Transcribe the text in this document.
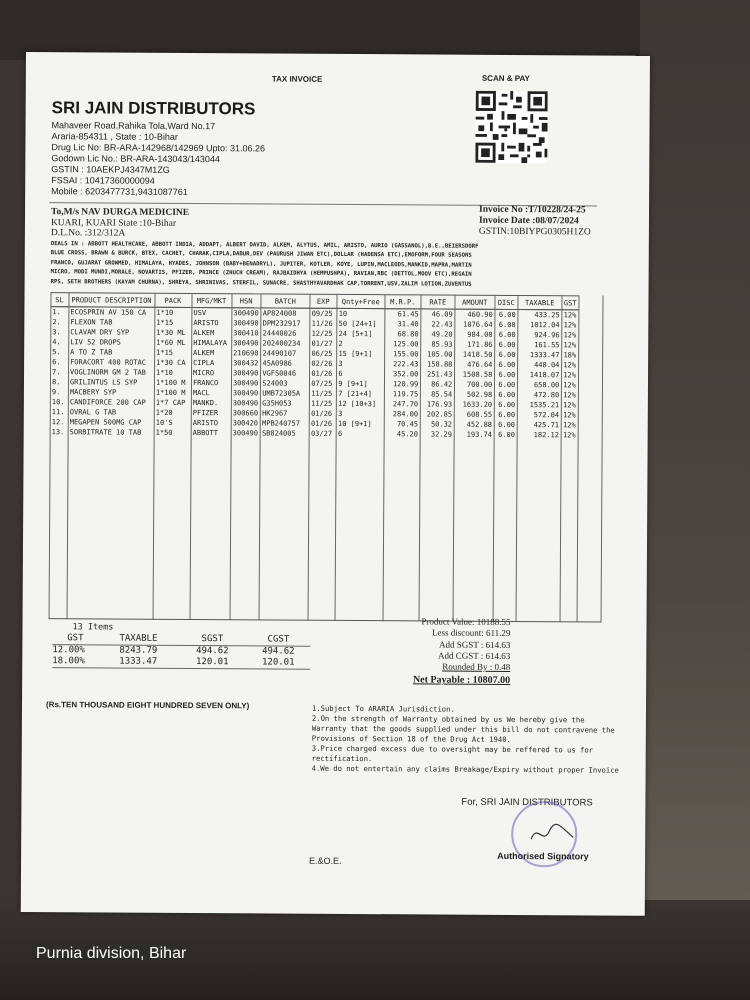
TAX INVOICE	SCAN & PAY
SRI JAIN DISTRIBUTORS
Mahaveer Road,Rahika Tola,Ward No.17
Araria-854311 , State : 10-Bihar
Drug Lic No: BR-ARA-142968/142969 Upto: 31.06.26
Godown Lic No.: BR-ARA-143043/143044
GSTIN : 10AEKPJ4347M1ZG
FSSAI : 10417360000094
Mobile : 6203477731,9431087761
To,M/s NAV DURGA MEDICINE
KUARI, KUARI State :10-Bihar
D.L.No. :312/312A
Invoice No :T/10228/24-25
Invoice Date :08/07/2024
GSTIN:10BIYPG0305H1ZO
DEALS IN : ABBOTT HEALTHCARE, ABBOTT INDIA, ADDAPT, ALBERT DAVID, ALKEM, ALYTUS, AMIL, ARISTO, AURIO (GASSANOL),B.E.,BEIERSDORF
BLUE CROSS, BRAWN & BURCK, BTEX, CACHET, CHARAK,CIPLA,DABUR,DEV (PAURUSH JIWAN ETC),DOLLAR (HADENSA ETC),EMOFORM,FOUR SEASONS
FRANCO, GUJARAT GROWMED, HIMALAYA, HYADES, JOHNSON (BABY+BENADRYL), JUPITER, KOTLER, KOYE, LUPIN,MACLEODS,MANKID,MAPRA,MARTIN
MICRO, MODI MUNDI,MORALE, NOVARTIS, PFIZER, PRINCE (ZHUCH CREAM), RAJBAIDHYA (HEMPUSHPA), RAVIAN,RBC (DETTOL,MOOV ETC),REGAIN
RPS, SETH BROTHERS (KAYAM CHURNA), SHREYA, SHRINIVAS, STERFIL, SUNACRE, SHASTHYAVARDHAK CAP,TORRENT,USV,ZALIM LOTION,ZUVENTUS
SL	PRODUCT DESCRIPTION	PACK	MFG/MKT	HSN	BATCH	EXP	Qnty+Free	M.R.P.	RATE	AMOUNT	DISC	TAXABLE	GST
1.	ECOSPRIN AV 150 CA	1*10	USV	300490	AP824008	09/25	10	61.45	46.09	460.90	6.00	433.25	12%
2.	FLEXON TAB	1*15	ARISTO	300490	DPM232917	11/26	50 [24+1]	31.40	22.43	1076.64	6.00	1012.04	12%
3.	CLAVAM DRY SYP	1*30 ML	ALKEM	300410	24440026	12/25	24 [5+1]	68.80	49.20	984.00	6.00	924.96	12%
4.	LIV 52 DROPS	1*60 ML	HIMALAYA	300490	202400234	01/27	2	125.00	85.93	171.86	6.00	161.55	12%
5.	A TO Z TAB	1*15	ALKEM	210690	24490107	06/25	15 [9+1]	155.00	105.00	1418.50	6.00	1333.47	18%
6.	FORACORT 400 ROTAC	1*30 CA	CIPLA	300432	45A0986	02/26	3	222.43	158.88	476.64	6.00	448.04	12%
7.	VOGLINORM GM 2 TAB	1*10	MICRO	300490	VGFS0046	01/26	6	352.00	251.43	1508.58	6.00	1418.07	12%
8.	GRILINTUS LS SYP	1*100 M	FRANCO	300490	S24003	07/25	9 [9+1]	120.99	86.42	700.00	6.00	658.00	12%
9.	MACBERY SYP	1*100 M	MACL	300490	UMB72305A	11/25	7 [21+4]	119.75	85.54	502.98	6.00	472.80	12%
10.	CANDIFORCE 200 CAP	1*7 CAP	MANKD.	300490	G35H053	11/25	12 [10+3]	247.70	176.93	1633.20	6.00	1535.21	12%
11.	OVRAL G TAB	1*20	PFIZER	300660	HK2967	01/26	3	284.00	202.85	608.55	6.00	572.04	12%
12.	MEGAPEN 500MG CAP	10'S	ARISTO	300420	MPB240757	01/26	10 [9+1]	70.45	50.32	452.88	6.00	425.71	12%
13.	SORBITRATE 10 TAB	1*50	ABBOTT	300490	SB824005	03/27	6	45.20	32.29	193.74	6.00	182.12	12%
13 Items
GST	TAXABLE	SGST	CGST
12.00%	8243.79	494.62	494.62
18.00%	1333.47	120.01	120.01
Product Value: 10188.55
Less discount: 611.29
Add SGST : 614.63
Add CGST : 614.63
Rounded By : 0.48
Net Payable : 10807.00
(Rs.TEN THOUSAND EIGHT HUNDRED SEVEN ONLY)	1.Subject To ARARIA Jurisdiction.
2.On the strength of Warranty obtained by us We hereby give the Warranty that the goods supplied under this bill do not contravene the Provisions of Section 18 of the Drug Act 1940.
3.Price charged excess due to oversight may be reffered to us for rectification.
4.We do not entertain any claims Breakage/Expiry without proper Invoice
For, SRI JAIN DISTRIBUTORS
Authorised Signatory
E.&O.E.
Purnia division, Bihar
